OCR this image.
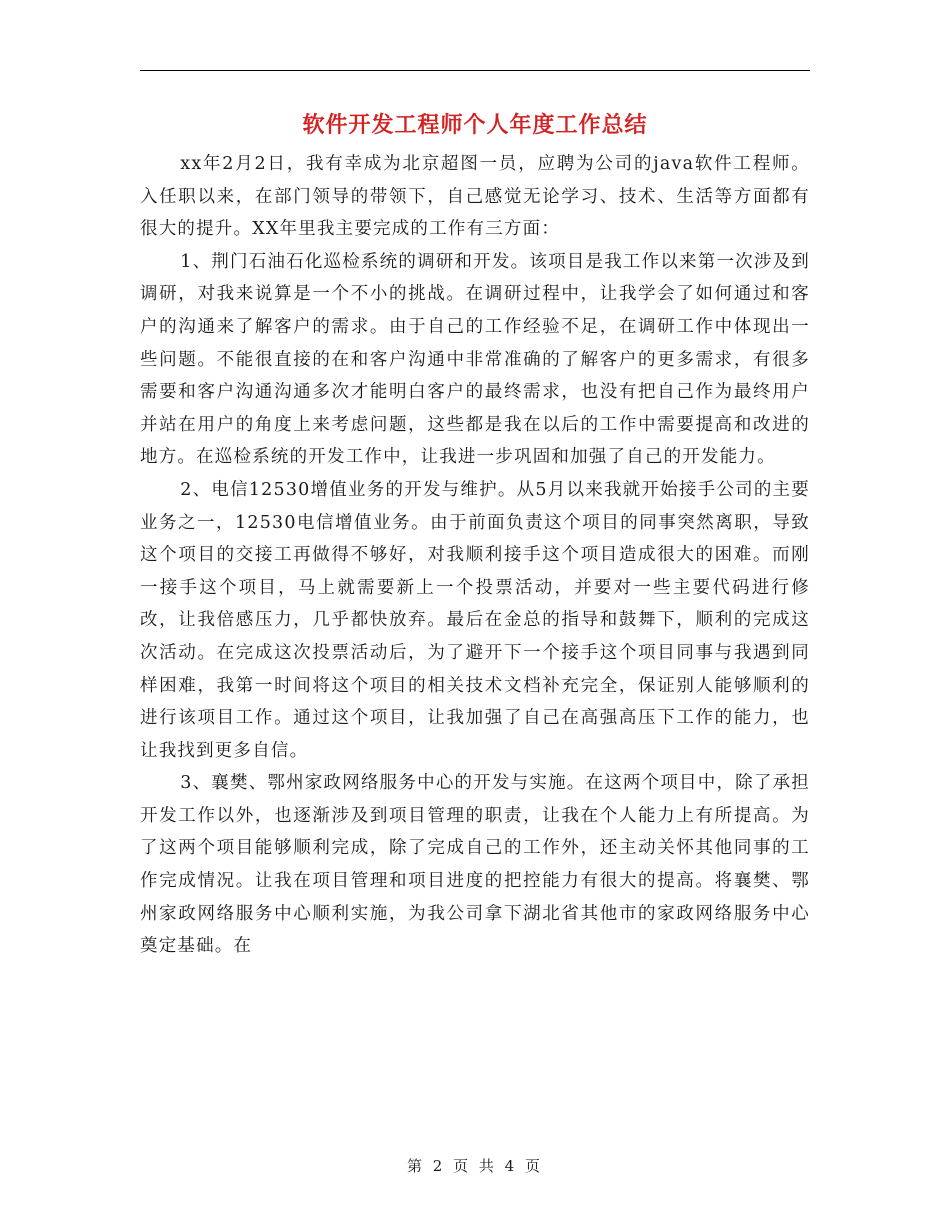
软件开发工程师个人年度工作总结

xx年2月2日，我有幸成为北京超图一员，应聘为公司的java软件工程师。入任职以来，在部门领导的带领下，自己感觉无论学习、技术、生活等方面都有很大的提升。XX年里我主要完成的工作有三方面：

1、荆门石油石化巡检系统的调研和开发。该项目是我工作以来第一次涉及到调研，对我来说算是一个不小的挑战。在调研过程中，让我学会了如何通过和客户的沟通来了解客户的需求。由于自己的工作经验不足，在调研工作中体现出一些问题。不能很直接的在和客户沟通中非常准确的了解客户的更多需求，有很多需要和客户沟通沟通多次才能明白客户的最终需求，也没有把自己作为最终用户并站在用户的角度上来考虑问题，这些都是我在以后的工作中需要提高和改进的地方。在巡检系统的开发工作中，让我进一步巩固和加强了自己的开发能力。

2、电信12530增值业务的开发与维护。从5月以来我就开始接手公司的主要业务之一，12530电信增值业务。由于前面负责这个项目的同事突然离职，导致这个项目的交接工再做得不够好，对我顺利接手这个项目造成很大的困难。而刚一接手这个项目，马上就需要新上一个投票活动，并要对一些主要代码进行修改，让我倍感压力，几乎都快放弃。最后在金总的指导和鼓舞下，顺利的完成这次活动。在完成这次投票活动后，为了避开下一个接手这个项目同事与我遇到同样困难，我第一时间将这个项目的相关技术文档补充完全，保证别人能够顺利的进行该项目工作。通过这个项目，让我加强了自己在高强高压下工作的能力，也让我找到更多自信。

3、襄樊、鄂州家政网络服务中心的开发与实施。在这两个项目中，除了承担开发工作以外，也逐渐涉及到项目管理的职责，让我在个人能力上有所提高。为了这两个项目能够顺利完成，除了完成自己的工作外，还主动关怀其他同事的工作完成情况。让我在项目管理和项目进度的把控能力有很大的提高。将襄樊、鄂州家政网络服务中心顺利实施，为我公司拿下湖北省其他市的家政网络服务中心奠定基础。在

第 2 页 共 4 页
